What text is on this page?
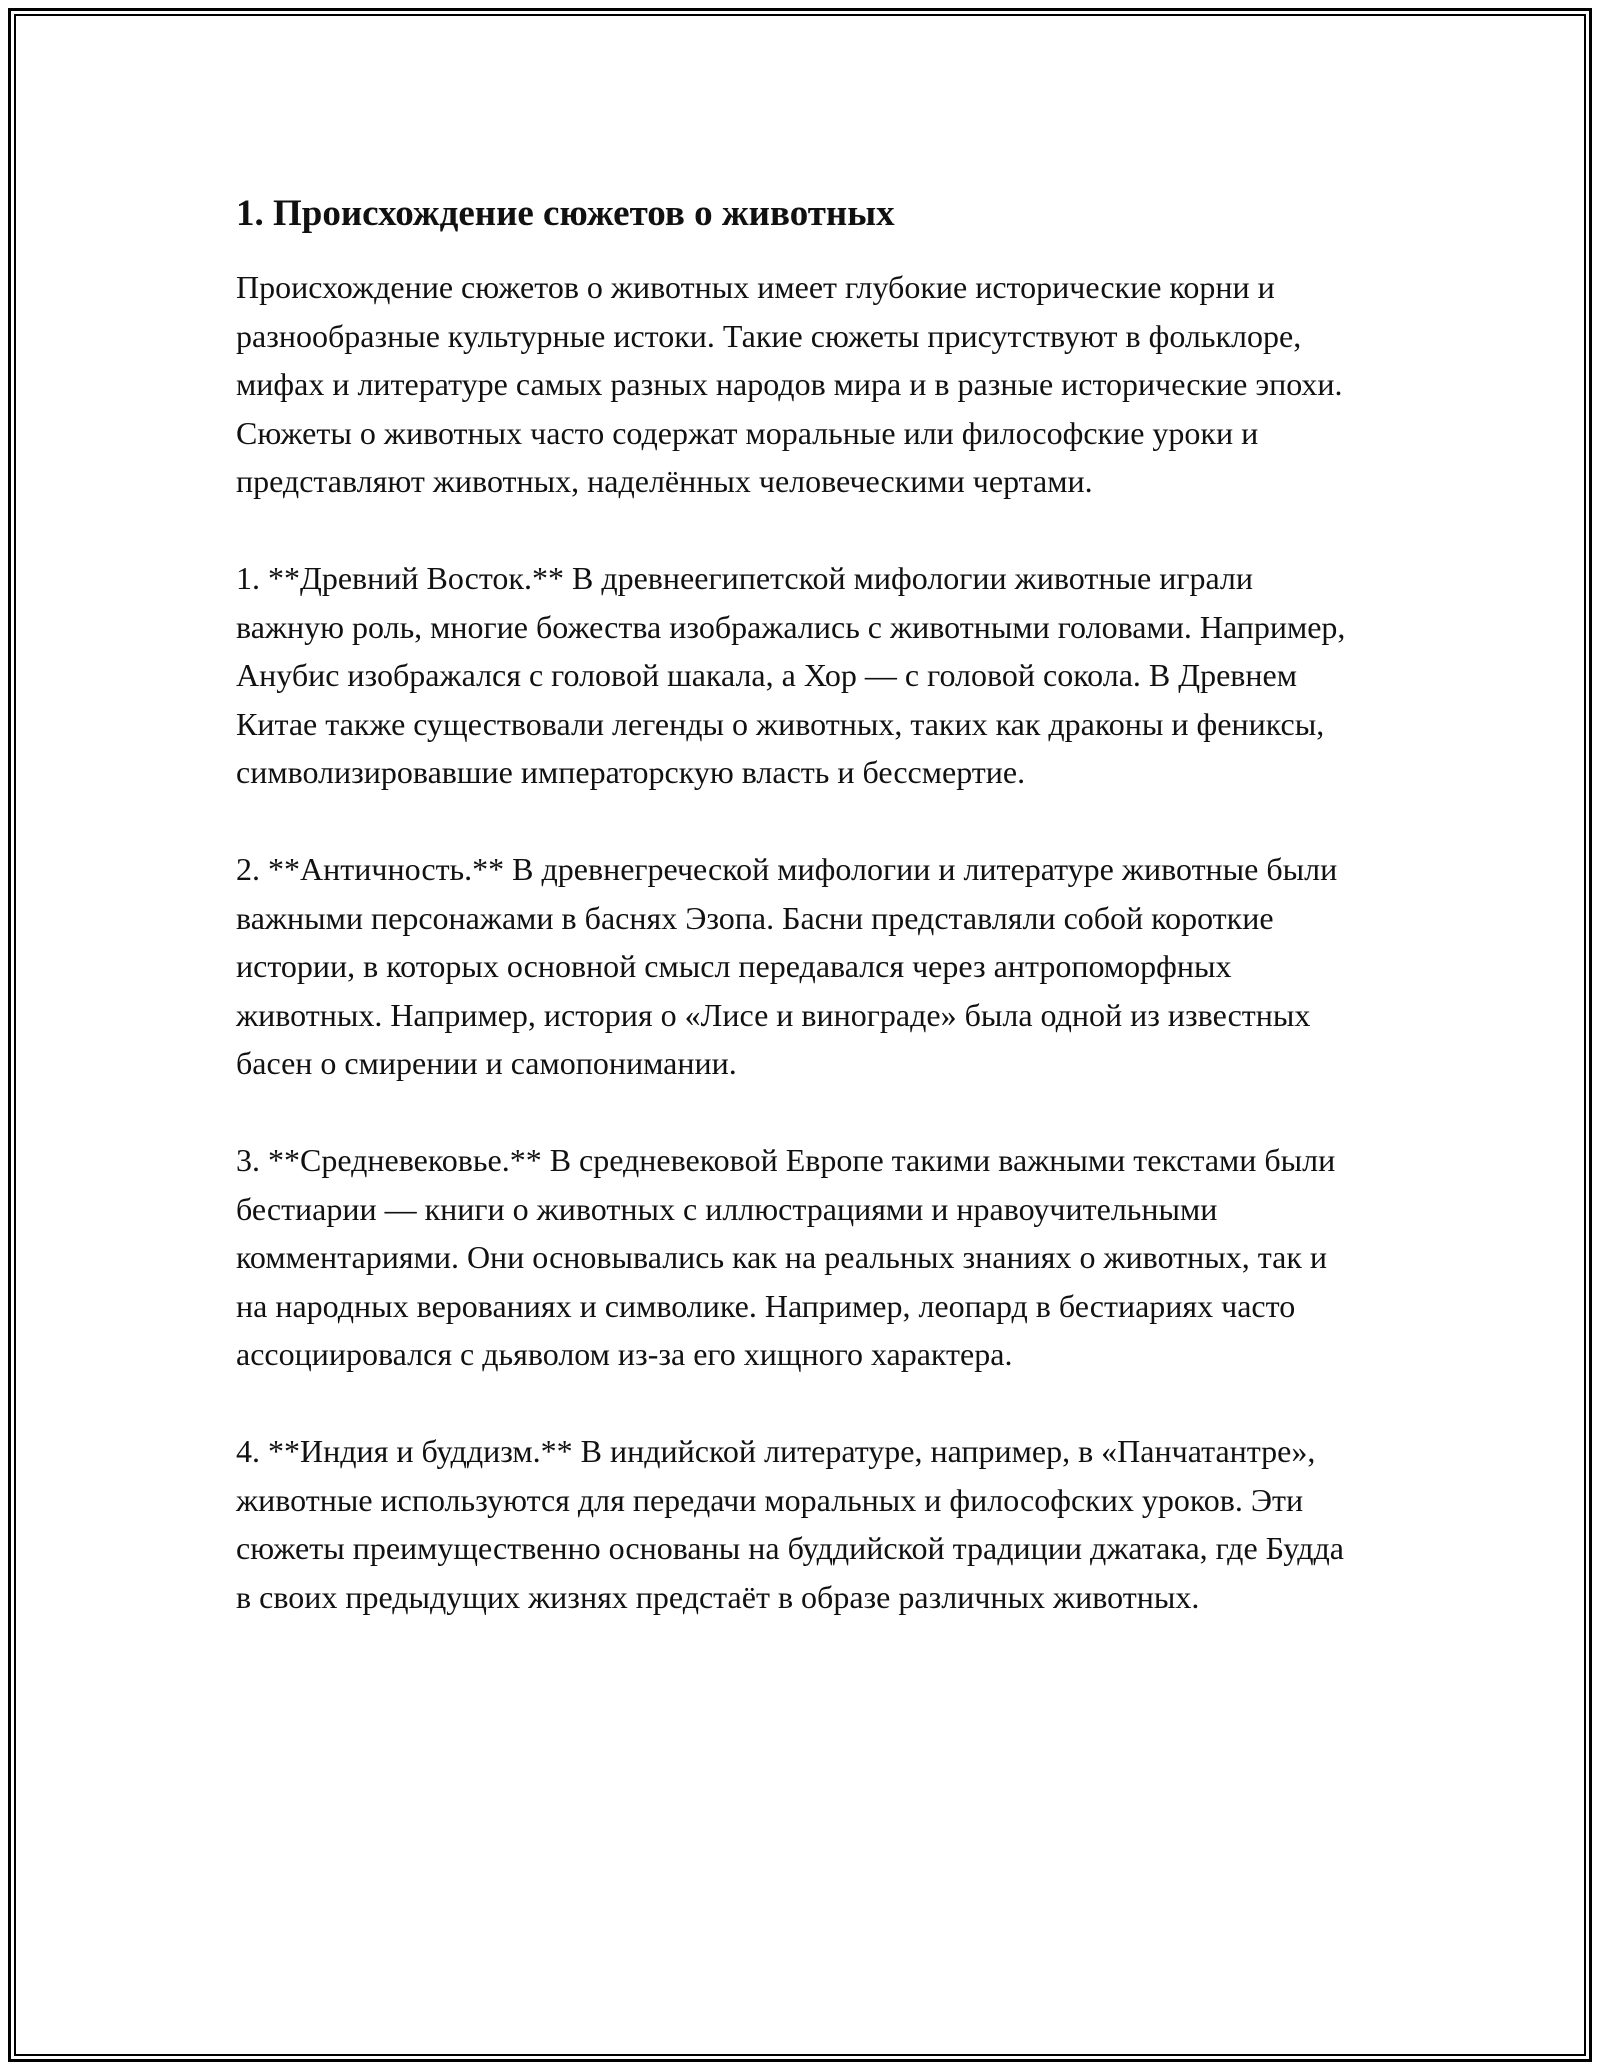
1. Происхождение сюжетов о животных

Происхождение сюжетов о животных имеет глубокие исторические корни и разнообразные культурные истоки. Такие сюжеты присутствуют в фольклоре, мифах и литературе самых разных народов мира и в разные исторические эпохи. Сюжеты о животных часто содержат моральные или философские уроки и представляют животных, наделённых человеческими чертами.

1. **Древний Восток.** В древнеегипетской мифологии животные играли важную роль, многие божества изображались с животными головами. Например, Анубис изображался с головой шакала, а Хор — с головой сокола. В Древнем Китае также существовали легенды о животных, таких как драконы и фениксы, символизировавшие императорскую власть и бессмертие.

2. **Античность.** В древнегреческой мифологии и литературе животные были важными персонажами в баснях Эзопа. Басни представляли собой короткие истории, в которых основной смысл передавался через антропоморфных животных. Например, история о «Лисе и винограде» была одной из известных басен о смирении и самопонимании.

3. **Средневековье.** В средневековой Европе такими важными текстами были бестиарии — книги о животных с иллюстрациями и нравоучительными комментариями. Они основывались как на реальных знаниях о животных, так и на народных верованиях и символике. Например, леопард в бестиариях часто ассоциировался с дьяволом из-за его хищного характера.

4. **Индия и буддизм.** В индийской литературе, например, в «Панчатантре», животные используются для передачи моральных и философских уроков. Эти сюжеты преимущественно основаны на буддийской традиции джатака, где Будда в своих предыдущих жизнях предстаёт в образе различных животных.
